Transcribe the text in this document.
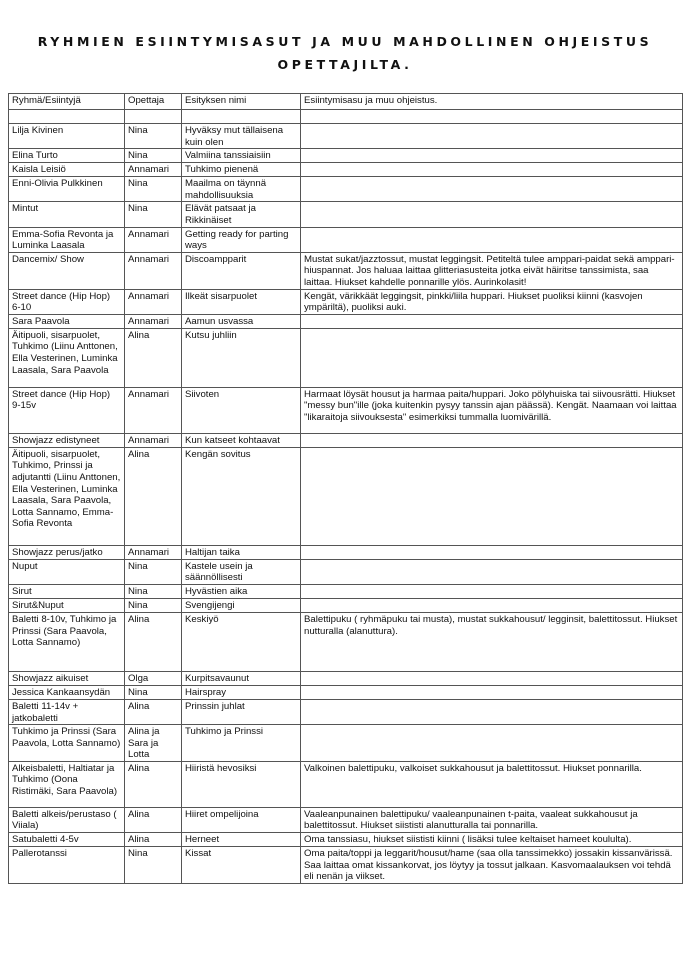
RYHMIEN ESIINTYMISASUT JA MUU MAHDOLLINEN OHJEISTUS
OPETTAJILTA.
Ryhmä/Esiintyjä	Opettaja	Esityksen nimi	Esiintymisasu ja muu ohjeistus.

Lilja Kivinen	Nina	Hyväksy mut tällaisena kuin olen	
Elina Turto	Nina	Valmiina tanssiaisiin	
Kaisla Leisiö	Annamari	Tuhkimo pienenä	
Enni-Olivia Pulkkinen	Nina	Maailma on täynnä mahdollisuuksia	
Mintut	Nina	Elävät patsaat ja Rikkinäiset	
Emma-Sofia Revonta ja Luminka Laasala	Annamari	Getting ready for parting ways	
Dancemix/ Show	Annamari	Discoampparit	Mustat sukat/jazztossut, mustat leggingsit. Petiteltä tulee amppari-paidat sekä amppari-hiuspannat. Jos haluaa laittaa glitteriasusteita jotka eivät häiritse tanssimista, saa laittaa. Hiukset kahdelle ponnarille ylös. Aurinkolasit!
Street dance (Hip Hop) 6-10	Annamari	Ilkeät sisarpuolet	Kengät, värikkäät leggingsit, pinkki/liila huppari. Hiukset puoliksi kiinni (kasvojen ympäriltä), puoliksi auki.
Sara Paavola	Annamari	Aamun usvassa	
Äitipuoli, sisarpuolet, Tuhkimo (Liinu Anttonen, Ella Vesterinen, Luminka Laasala, Sara Paavola	Alina	Kutsu juhliin	
Street dance (Hip Hop) 9-15v	Annamari	Siivoten	Harmaat löysät housut ja harmaa paita/huppari. Joko pölyhuiska tai siivousrätti. Hiukset "messy bun"ille (joka kuitenkin pysyy tanssin ajan päässä). Kengät. Naamaan voi laittaa "likaraitoja siivouksesta" esimerkiksi tummalla luomivärillä.
Showjazz edistyneet	Annamari	Kun katseet kohtaavat	
Äitipuoli, sisarpuolet, Tuhkimo, Prinssi ja adjutantti (Liinu Anttonen, Ella Vesterinen, Luminka Laasala, Sara Paavola, Lotta Sannamo, Emma-Sofia Revonta	Alina	Kengän sovitus	
Showjazz perus/jatko	Annamari	Haltijan taika	
Nuput	Nina	Kastele usein ja säännöllisesti	
Sirut	Nina	Hyvästien aika	
Sirut&Nuput	Nina	Svengijengi	
Baletti 8-10v, Tuhkimo ja Prinssi (Sara Paavola, Lotta Sannamo)	Alina	Keskiyö	Balettipuku ( ryhmäpuku tai musta), mustat sukkahousut/ legginsit, balettitossut. Hiukset nutturalla (alanuttura).
Showjazz aikuiset	Olga	Kurpitsavaunut	
Jessica Kankaansydän	Nina	Hairspray	
Baletti 11-14v + jatkobaletti	Alina	Prinssin juhlat	
Tuhkimo ja Prinssi (Sara Paavola, Lotta Sannamo)	Alina ja Sara ja Lotta	Tuhkimo ja Prinssi	
Alkeisbaletti, Haltiatar ja Tuhkimo (Oona Ristimäki, Sara Paavola)	Alina	Hiiristä hevosiksi	Valkoinen balettipuku, valkoiset sukkahousut ja balettitossut. Hiukset ponnarilla.
Baletti alkeis/perustaso ( Viiala)	Alina	Hiiret ompelijoina	Vaaleanpunainen balettipuku/ vaaleanpunainen t-paita, vaaleat sukkahousut ja balettitossut. Hiukset siististi alanutturalla tai ponnarilla.
Satubaletti 4-5v	Alina	Herneet	Oma tanssiasu, hiukset siististi kiinni ( lisäksi tulee keltaiset hameet koululta).
Pallerotanssi	Nina	Kissat	Oma paita/toppi ja leggarit/housut/hame (saa olla tanssimekko) jossakin kissanvärissä. Saa laittaa omat kissankorvat, jos löytyy ja tossut jalkaan. Kasvomaalauksen voi tehdä eli nenän ja viikset.
